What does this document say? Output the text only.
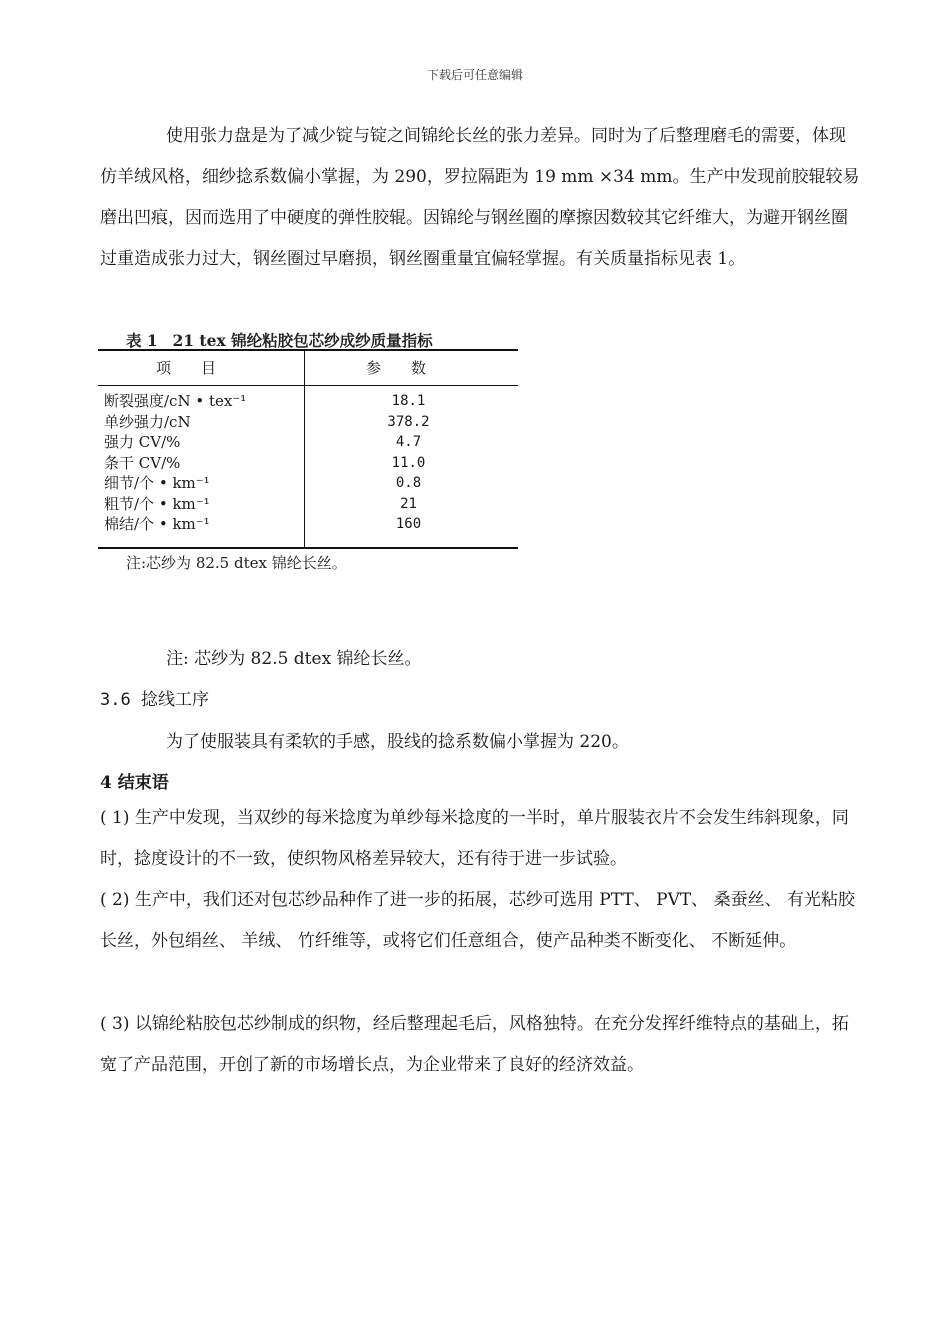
下载后可任意编辑

使用张力盘是为了减少锭与锭之间锦纶长丝的张力差异。同时为了后整理磨毛的需要，体现仿羊绒风格，细纱捻系数偏小掌握，为 290，罗拉隔距为 19 mm ×34 mm。生产中发现前胶辊较易磨出凹痕，因而选用了中硬度的弹性胶辊。因锦纶与钢丝圈的摩擦因数较其它纤维大，为避开钢丝圈过重造成张力过大，钢丝圈过早磨损，钢丝圈重量宜偏轻掌握。有关质量指标见表 1。

表 1 21 tex 锦纶粘胶包芯纱成纱质量指标
项目	参数
断裂强度/cN • tex⁻¹	18.1
单纱强力/cN	378.2
强力 CV/%	4.7
条干 CV/%	11.0
细节/个 • km⁻¹	0.8
粗节/个 • km⁻¹	21
棉结/个 • km⁻¹	160
注:芯纱为 82.5 dtex 锦纶长丝。
注: 芯纱为 82.5 dtex 锦纶长丝。
3.6 捻线工序
为了使服装具有柔软的手感，股线的捻系数偏小掌握为 220。
4 结束语

( 1) 生产中发现，当双纱的每米捻度为单纱每米捻度的一半时，单片服装衣片不会发生纬斜现象，同时，捻度设计的不一致，使织物风格差异较大，还有待于进一步试验。

( 2) 生产中，我们还对包芯纱品种作了进一步的拓展，芯纱可选用 PTT、 PVT、 桑蚕丝、 有光粘胶长丝，外包绢丝、 羊绒、 竹纤维等，或将它们任意组合，使产品种类不断变化、 不断延伸。

( 3) 以锦纶粘胶包芯纱制成的织物，经后整理起毛后，风格独特。在充分发挥纤维特点的基础上，拓宽了产品范围，开创了新的市场增长点，为企业带来了良好的经济效益。
